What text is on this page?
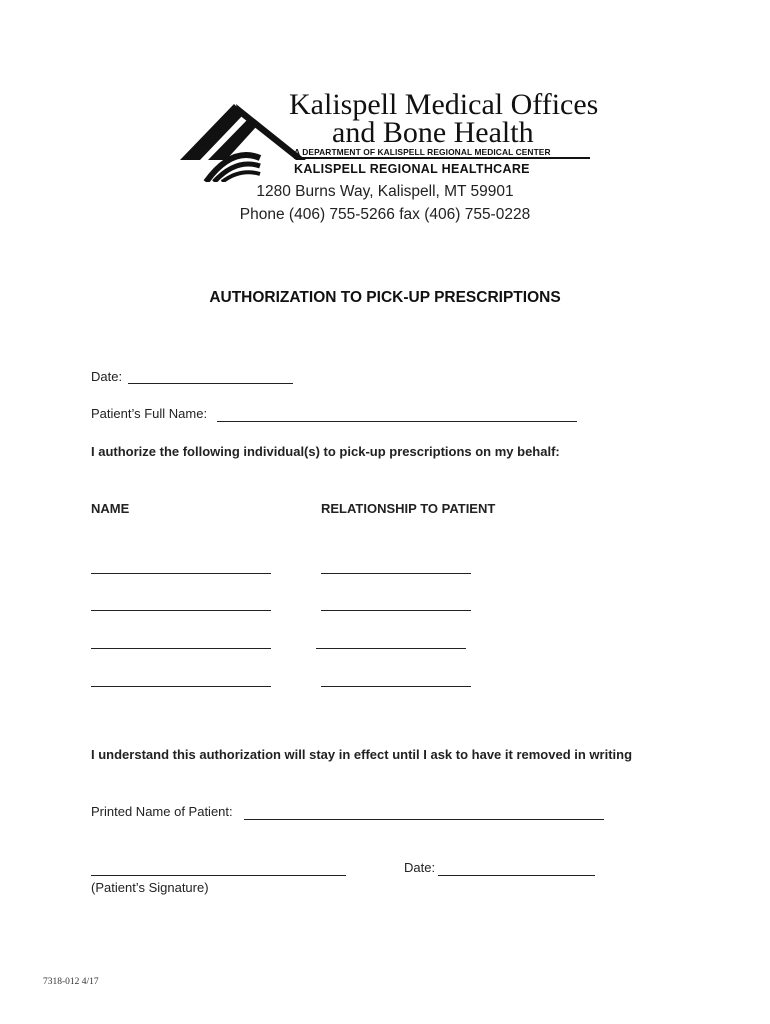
Kalispell Medical Offices
and Bone Health
A DEPARTMENT OF KALISPELL REGIONAL MEDICAL CENTER
KALISPELL REGIONAL HEALTHCARE
1280 Burns Way, Kalispell, MT 59901
Phone (406) 755-5266 fax (406) 755-0228
AUTHORIZATION TO PICK-UP PRESCRIPTIONS
Date:
Patient’s Full Name:
I authorize the following individual(s) to pick-up prescriptions on my behalf:
NAME	RELATIONSHIP TO PATIENT
I understand this authorization will stay in effect until I ask to have it removed in writing
Printed Name of Patient:
Date:
(Patient’s Signature)
7318-012 4/17
